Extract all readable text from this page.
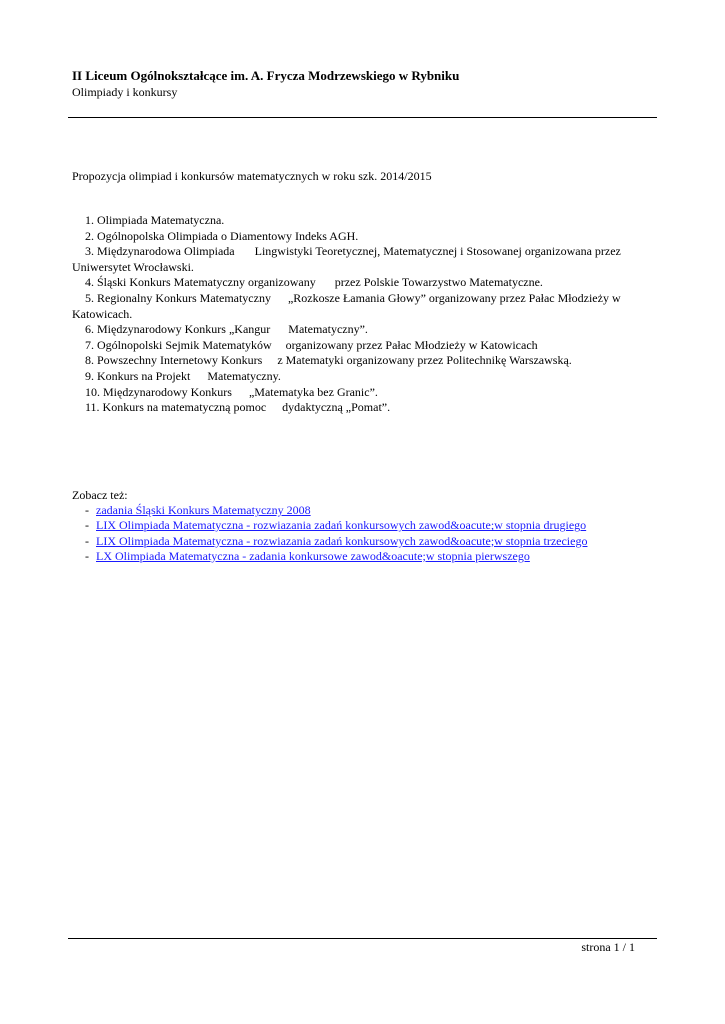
II Liceum Ogólnokształcące im. A. Frycza Modrzewskiego w Rybniku
Olimpiady i konkursy
Propozycja olimpiad i konkursów matematycznych w roku szk. 2014/2015

1. Olimpiada Matematyczna.

2. Ogólnopolska Olimpiada o Diamentowy Indeks AGH.

3. Międzynarodowa Olimpiada Lingwistyki Teoretycznej, Matematycznej i Stosowanej organizowana przez Uniwersytet Wrocławski.

4. Śląski Konkurs Matematyczny organizowany przez Polskie Towarzystwo Matematyczne.

5. Regionalny Konkurs Matematyczny „Rozkosze Łamania Głowy” organizowany przez Pałac Młodzieży w Katowicach.

6. Międzynarodowy Konkurs „Kangur Matematyczny”.

7. Ogólnopolski Sejmik Matematyków organizowany przez Pałac Młodzieży w Katowicach

8. Powszechny Internetowy Konkurs z Matematyki organizowany przez Politechnikę Warszawską.

9. Konkurs na Projekt Matematyczny.

10. Międzynarodowy Konkurs „Matematyka bez Granic”.

11. Konkurs na matematyczną pomoc dydaktyczną „Pomat”.

Zobacz też:
- zadania Śląski Konkurs Matematyczny 2008
- LIX Olimpiada Matematyczna - rozwiazania zadań konkursowych zawod&oacute;w stopnia drugiego
- LIX Olimpiada Matematyczna - rozwiazania zadań konkursowych zawod&oacute;w stopnia trzeciego
- LX Olimpiada Matematyczna - zadania konkursowe zawod&oacute;w stopnia pierwszego
strona 1 / 1
